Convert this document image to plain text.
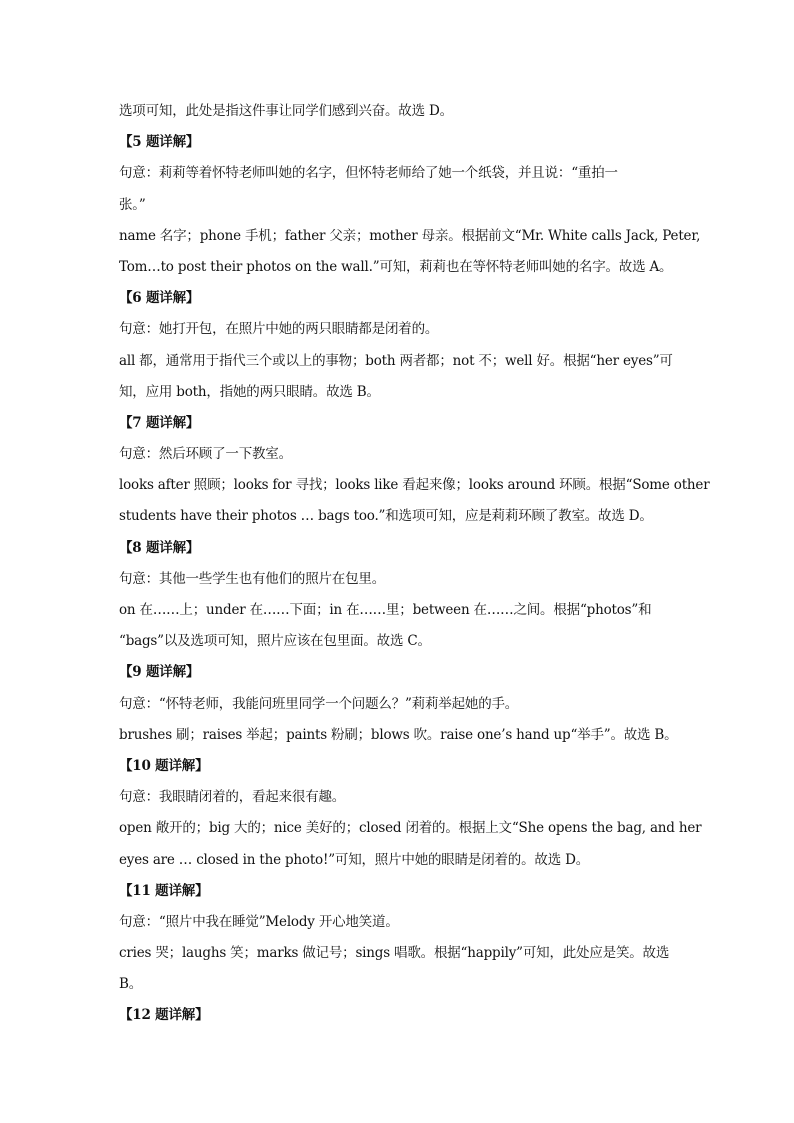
选项可知，此处是指这件事让同学们感到兴奋。故选 D。
【5 题详解】
句意：莉莉等着怀特老师叫她的名字，但怀特老师给了她一个纸袋，并且说：“重拍一
张。”
name 名字；phone 手机；father 父亲；mother 母亲。根据前文“Mr. White calls Jack, Peter,
Tom…to post their photos on the wall.”可知，莉莉也在等怀特老师叫她的名字。故选 A。
【6 题详解】
句意：她打开包，在照片中她的两只眼睛都是闭着的。
all 都，通常用于指代三个或以上的事物；both 两者都；not 不；well 好。根据“her eyes”可
知，应用 both，指她的两只眼睛。故选 B。
【7 题详解】
句意：然后环顾了一下教室。
looks after 照顾；looks for 寻找；looks like 看起来像；looks around 环顾。根据“Some other
students have their photos … bags too.”和选项可知，应是莉莉环顾了教室。故选 D。
【8 题详解】
句意：其他一些学生也有他们的照片在包里。
on 在……上；under 在……下面；in 在……里；between 在……之间。根据“photos”和
“bags”以及选项可知，照片应该在包里面。故选 C。
【9 题详解】
句意：“怀特老师，我能问班里同学一个问题么？”莉莉举起她的手。
brushes 刷；raises 举起；paints 粉刷；blows 吹。raise one’s hand up“举手”。故选 B。
【10 题详解】
句意：我眼睛闭着的，看起来很有趣。
open 敞开的；big 大的；nice 美好的；closed 闭着的。根据上文“She opens the bag, and her
eyes are … closed in the photo!”可知，照片中她的眼睛是闭着的。故选 D。
【11 题详解】
句意：“照片中我在睡觉”Melody 开心地笑道。
cries 哭；laughs 笑；marks 做记号；sings 唱歌。根据“happily”可知，此处应是笑。故选
B。
【12 题详解】
